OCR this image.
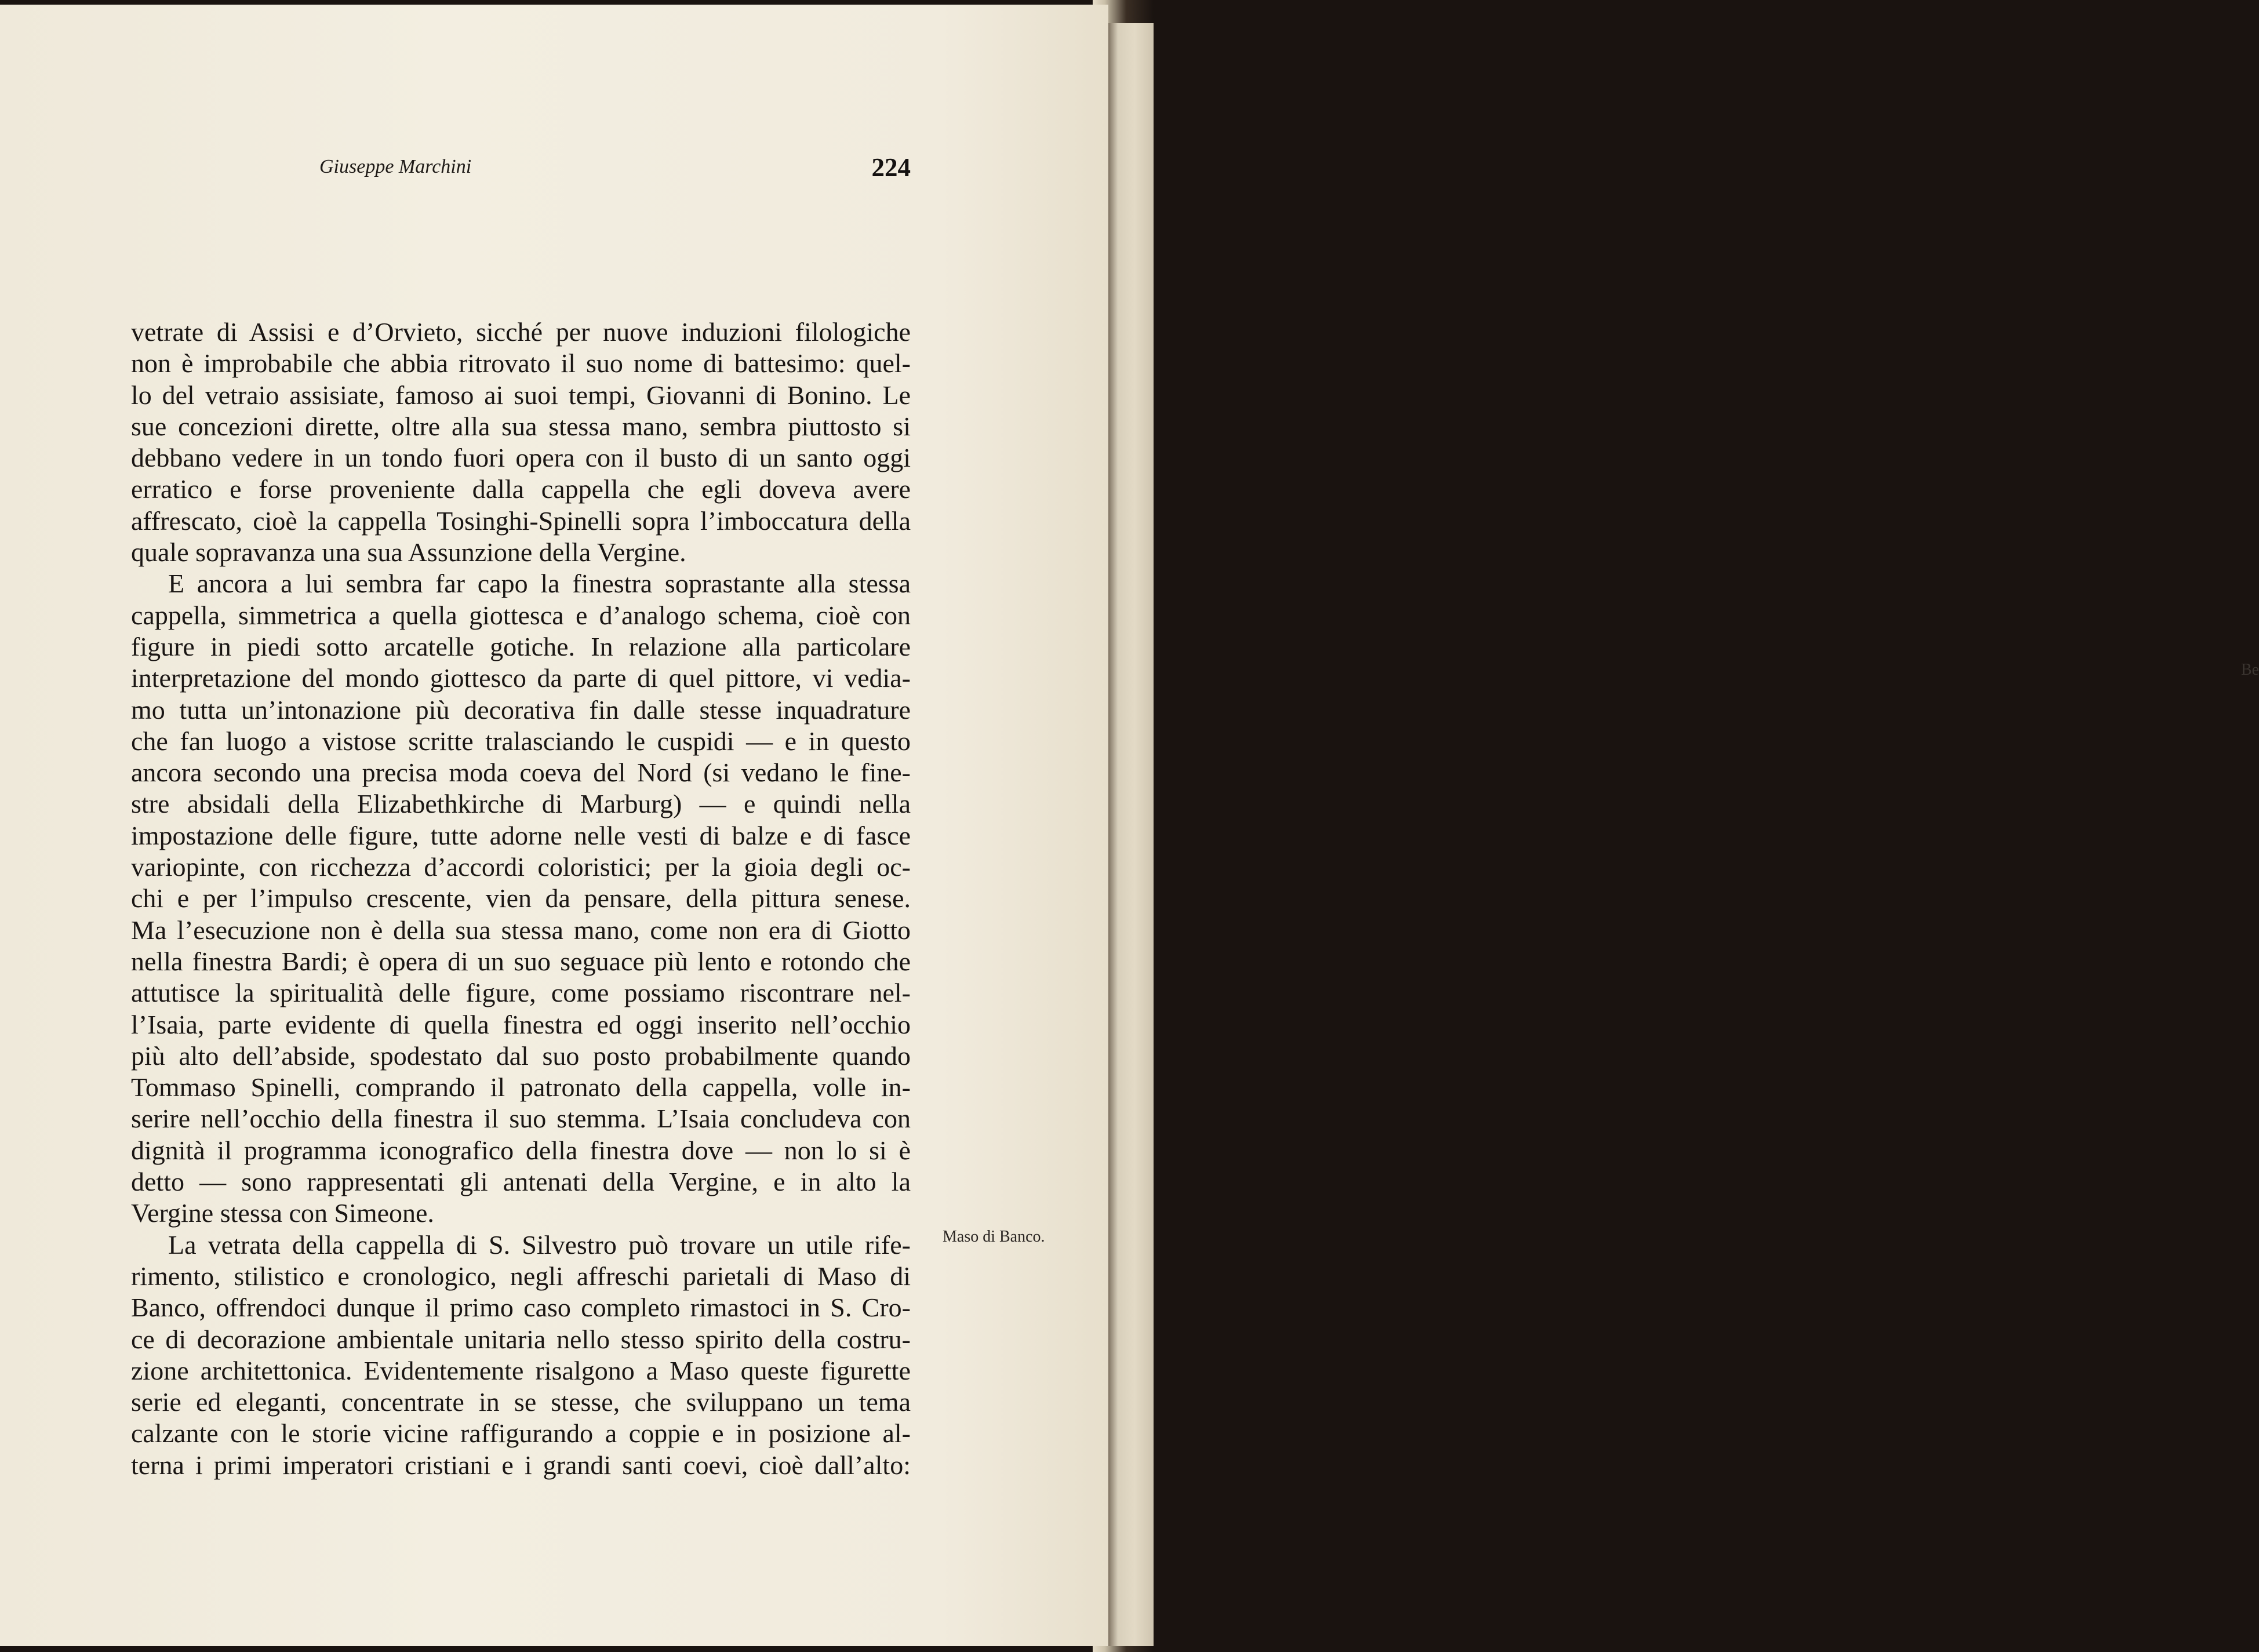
Be
Giuseppe Marchini	224
vetrate di Assisi e d’Orvieto, sicché per nuove induzioni filologiche
non è improbabile che abbia ritrovato il suo nome di battesimo: quel-
lo del vetraio assisiate, famoso ai suoi tempi, Giovanni di Bonino. Le
sue concezioni dirette, oltre alla sua stessa mano, sembra piuttosto si
debbano vedere in un tondo fuori opera con il busto di un santo oggi
erratico e forse proveniente dalla cappella che egli doveva avere
affrescato, cioè la cappella Tosinghi-Spinelli sopra l’imboccatura della
quale sopravanza una sua Assunzione della Vergine.
E ancora a lui sembra far capo la finestra soprastante alla stessa
cappella, simmetrica a quella giottesca e d’analogo schema, cioè con
figure in piedi sotto arcatelle gotiche. In relazione alla particolare
interpretazione del mondo giottesco da parte di quel pittore, vi vedia-
mo tutta un’intonazione più decorativa fin dalle stesse inquadrature
che fan luogo a vistose scritte tralasciando le cuspidi — e in questo
ancora secondo una precisa moda coeva del Nord (si vedano le fine-
stre absidali della Elizabethkirche di Marburg) — e quindi nella
impostazione delle figure, tutte adorne nelle vesti di balze e di fasce
variopinte, con ricchezza d’accordi coloristici; per la gioia degli oc-
chi e per l’impulso crescente, vien da pensare, della pittura senese.
Ma l’esecuzione non è della sua stessa mano, come non era di Giotto
nella finestra Bardi; è opera di un suo seguace più lento e rotondo che
attutisce la spiritualità delle figure, come possiamo riscontrare nel-
l’Isaia, parte evidente di quella finestra ed oggi inserito nell’occhio
più alto dell’abside, spodestato dal suo posto probabilmente quando
Tommaso Spinelli, comprando il patronato della cappella, volle in-
serire nell’occhio della finestra il suo stemma. L’Isaia concludeva con
dignità il programma iconografico della finestra dove — non lo si è
detto — sono rappresentati gli antenati della Vergine, e in alto la
Vergine stessa con Simeone.
La vetrata della cappella di S. Silvestro può trovare un utile rife-
rimento, stilistico e cronologico, negli affreschi parietali di Maso di
Banco, offrendoci dunque il primo caso completo rimastoci in S. Cro-
ce di decorazione ambientale unitaria nello stesso spirito della costru-
zione architettonica. Evidentemente risalgono a Maso queste figurette
serie ed eleganti, concentrate in se stesse, che sviluppano un tema
calzante con le storie vicine raffigurando a coppie e in posizione al-
terna i primi imperatori cristiani e i grandi santi coevi, cioè dall’alto:
Maso di Banco.
